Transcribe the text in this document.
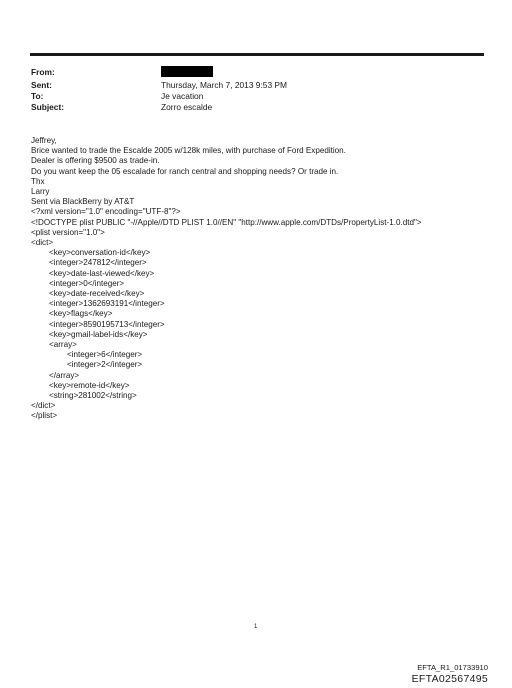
From:
Sent:	Thursday, March 7, 2013 9:53 PM
To:	Je vacation
Subject:	Zorro escalde
Jeffrey,
Brice wanted to trade the Escalde 2005 w/128k miles, with purchase of Ford Expedition.
Dealer is offering $9500 as trade-in.
Do you want keep the 05 escalade for ranch central and shopping needs? Or trade in.
Thx
Larry
Sent via BlackBerry by AT&T
<?xml version="1.0" encoding="UTF-8"?>
<!DOCTYPE plist PUBLIC "-//Apple//DTD PLIST 1.0//EN" "http://www.apple.com/DTDs/PropertyList-1.0.dtd">
<plist version="1.0">
<dict>
<key>conversation-id</key>
<integer>247812</integer>
<key>date-last-viewed</key>
<integer>0</integer>
<key>date-received</key>
<integer>1362693191</integer>
<key>flags</key>
<integer>8590195713</integer>
<key>gmail-label-ids</key>
<array>
<integer>6</integer>
<integer>2</integer>
</array>
<key>remote-id</key>
<string>281002</string>
</dict>
</plist>
1
EFTA_R1_01733910
EFTA02567495
